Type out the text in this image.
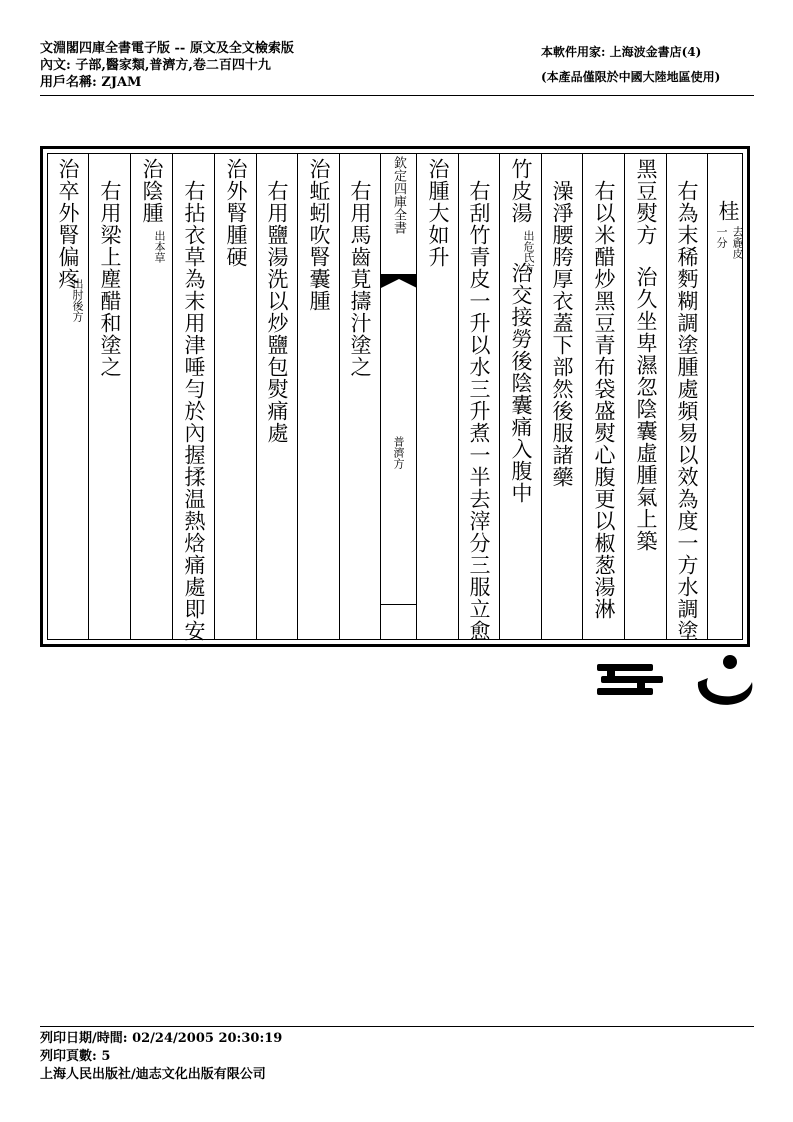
文淵閣四庫全書電子版 -- 原文及全文檢索版
內文: 子部,醫家類,普濟方,卷二百四十九
用戶名稱: ZJAM
本軟件用家: 上海波金書店(4)
(本產品僅限於中國大陸地區使用)
治卒外腎偏疼
出肘後方 右用梁上塵醋和塗之 治陰腫
出本草 右拈衣草為末用津唾勻於內握揉温熱焓痛處即安 治外腎腫硬 右用鹽湯洗以炒鹽包熨痛處 治蚯蚓吹腎囊腫 右用馬齒莧擣汁塗之 欽定四庫全書
普濟方
治腫大如升 右刮竹青皮一升以水三升煮一半去滓分三服立愈 竹皮湯
出危氏方
治交接勞後陰囊痛入腹中 澡淨腰胯厚衣蓋下部然後服諸藥 右以米醋炒黑豆青布袋盛熨心腹更以椒葱湯淋 黑豆熨方
治久坐卑濕忽陰囊虛腫氣上築 右為末稀麪糊調塗腫處頻易以效為度一方水調塗 桂
去麁皮
一分
列印日期/時間: 02/24/2005 20:30:19
列印頁數: 5
上海人民出版社/迪志文化出版有限公司
